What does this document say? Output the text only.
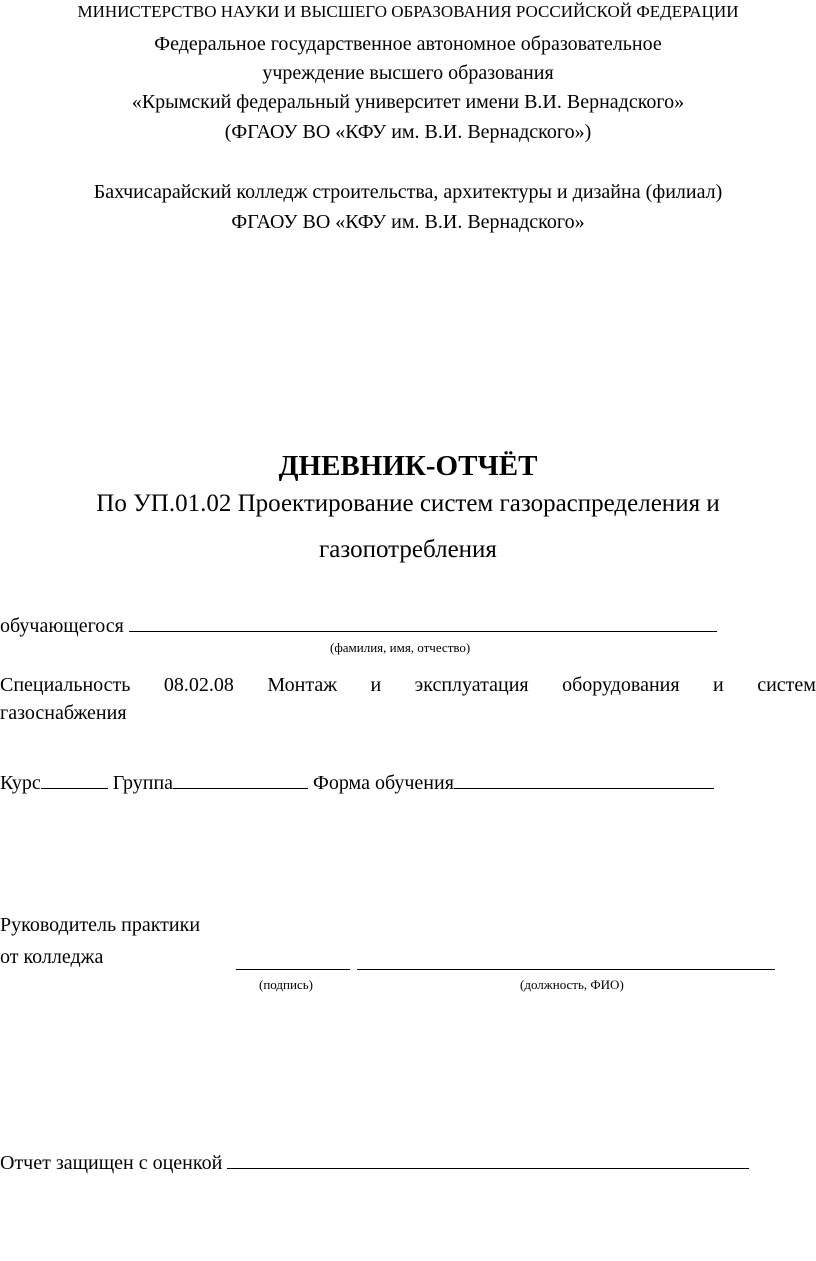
МИНИСТЕРСТВО НАУКИ И ВЫСШЕГО ОБРАЗОВАНИЯ РОССИЙСКОЙ ФЕДЕРАЦИИ
Федеральное государственное автономное образовательное
учреждение высшего образования
«Крымский федеральный университет имени В.И. Вернадского»
(ФГАОУ ВО «КФУ им. В.И. Вернадского»)
Бахчисарайский колледж строительства, архитектуры и дизайна (филиал)
ФГАОУ ВО «КФУ им. В.И. Вернадского»
ДНЕВНИК-ОТЧЁТ
По УП.01.02 Проектирование систем газораспределения и
газопотребления
обучающегося
(фамилия, имя, отчество)
Специальность 08.02.08 Монтаж и эксплуатация оборудования и систем
газоснабжения
Курс	Группа	Форма обучения
Руководитель практики
от колледжа
(подпись)	(должность, ФИО)
Отчет защищен с оценкой
